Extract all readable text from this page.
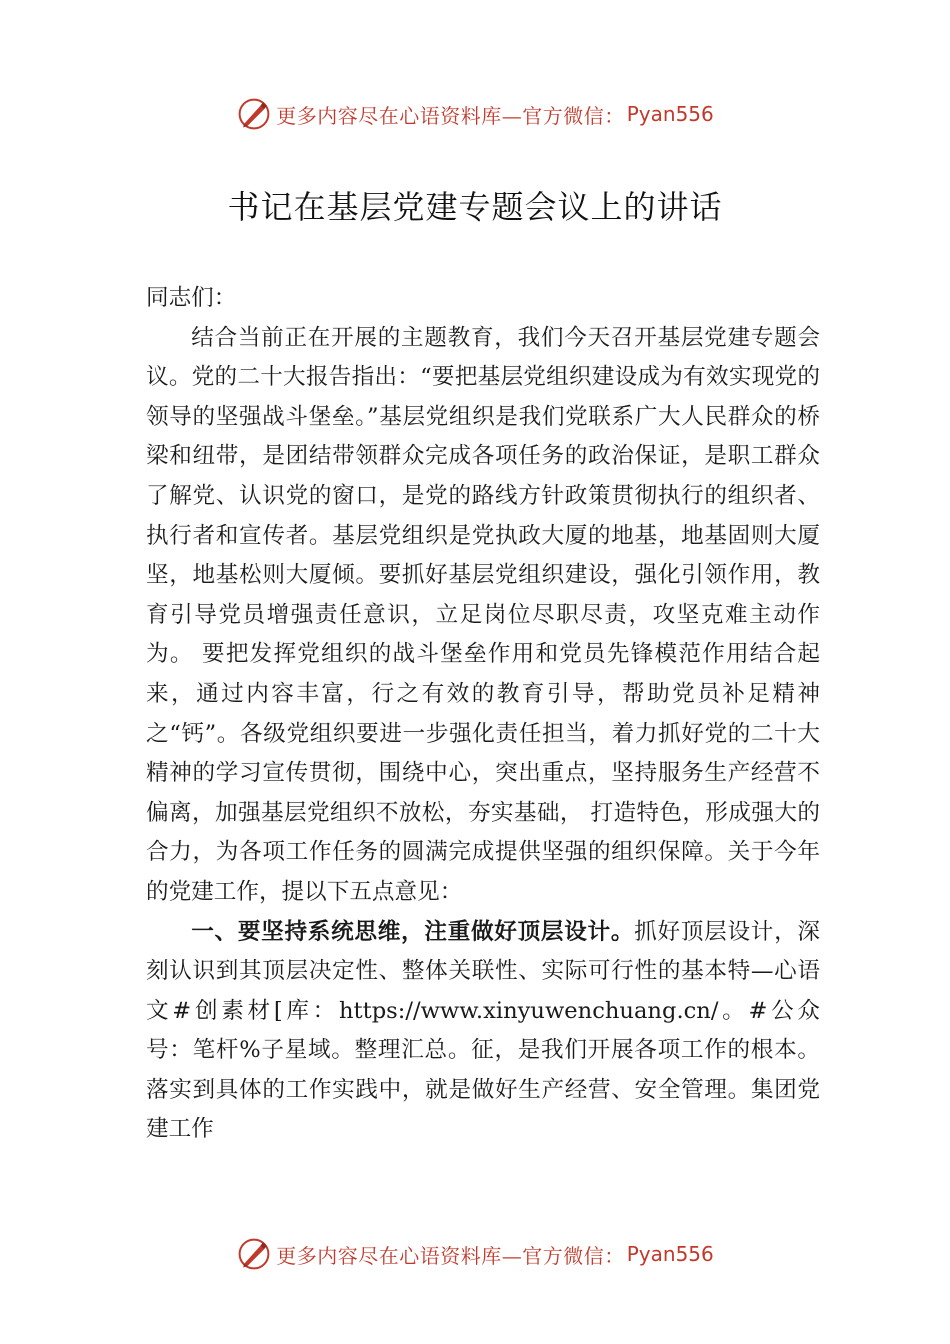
更多内容尽在心语资料库—官方微信： Pyan556
书记在基层党建专题会议上的讲话

同志们：

结合当前正在开展的主题教育，我们今天召开基层党建专题会议。党的二十大报告指出：“要把基层党组织建设成为有效实现党的领导的坚强战斗堡垒。”基层党组织是我们党联系广大人民群众的桥梁和纽带，是团结带领群众完成各项任务的政治保证，是职工群众了解党、认识党的窗口，是党的路线方针政策贯彻执行的组织者、执行者和宣传者。基层党组织是党执政大厦的地基，地基固则大厦坚，地基松则大厦倾。要抓好基层党组织建设，强化引领作用，教育引导党员增强责任意识，立足岗位尽职尽责，攻坚克难主动作为。 要把发挥党组织的战斗堡垒作用和党员先锋模范作用结合起来，通过内容丰富，行之有效的教育引导，帮助党员补足精神之“钙”。各级党组织要进一步强化责任担当，着力抓好党的二十大精神的学习宣传贯彻，围绕中心，突出重点，坚持服务生产经营不偏离，加强基层党组织不放松，夯实基础， 打造特色，形成强大的合力，为各项工作任务的圆满完成提供坚强的组织保障。关于今年的党建工作，提以下五点意见：

一、要坚持系统思维，注重做好顶层设计。抓好顶层设计，深刻认识到其顶层决定性、整体关联性、实际可行性的基本特—心语文#创素材[库：https://www.xinyuwenchuang.cn/。#公众号：笔杆%子星域。整理汇总。征，是我们开展各项工作的根本。落实到具体的工作实践中，就是做好生产经营、安全管理。集团党建工作

更多内容尽在心语资料库—官方微信： Pyan556
